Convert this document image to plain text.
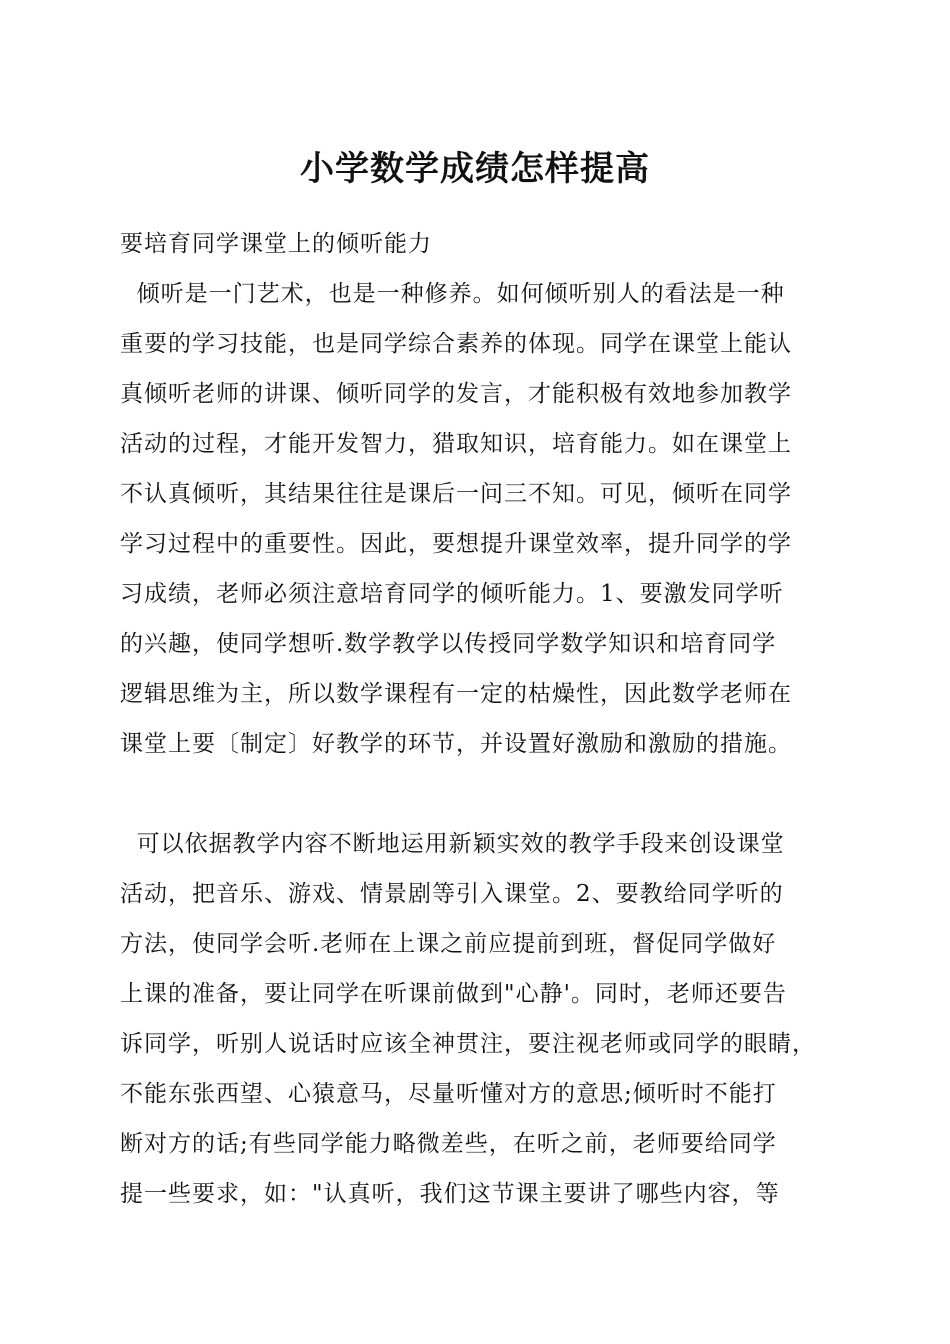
小学数学成绩怎样提高
要培育同学课堂上的倾听能力
倾听是一门艺术，也是一种修养。如何倾听别人的看法是一种
重要的学习技能，也是同学综合素养的体现。同学在课堂上能认
真倾听老师的讲课、倾听同学的发言，才能积极有效地参加教学
活动的过程，才能开发智力，猎取知识，培育能力。如在课堂上
不认真倾听，其结果往往是课后一问三不知。可见，倾听在同学
学习过程中的重要性。因此，要想提升课堂效率，提升同学的学
习成绩，老师必须注意培育同学的倾听能力。1、要激发同学听
的兴趣，使同学想听.数学教学以传授同学数学知识和培育同学
逻辑思维为主，所以数学课程有一定的枯燥性，因此数学老师在
课堂上要〔制定〕好教学的环节，并设置好激励和激励的措施。
可以依据教学内容不断地运用新颖实效的教学手段来创设课堂
活动，把音乐、游戏、情景剧等引入课堂。2、要教给同学听的
方法，使同学会听.老师在上课之前应提前到班，督促同学做好
上课的准备，要让同学在听课前做到"心静'。同时，老师还要告
诉同学，听别人说话时应该全神贯注，要注视老师或同学的眼睛，
不能东张西望、心猿意马，尽量听懂对方的意思;倾听时不能打
断对方的话;有些同学能力略微差些，在听之前，老师要给同学
提一些要求，如："认真听，我们这节课主要讲了哪些内容，等
